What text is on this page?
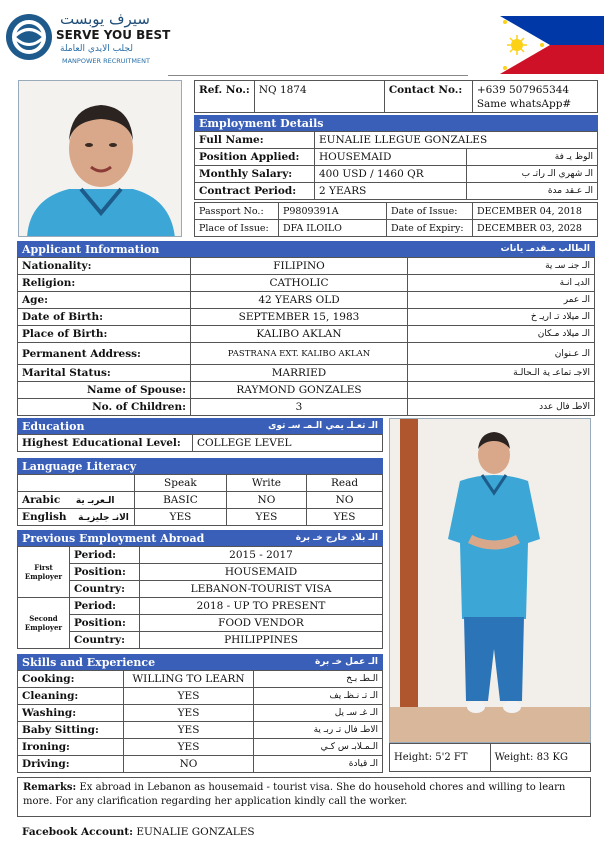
سيرف يوبست
SERVE YOU BEST
لجلب الايدي العاملة
MANPOWER RECRUITMENT
Ref. No.:	NQ 1874	Contact No.:	+639 507965344
Same whatsApp#
Employment Details
Full Name:	EUNALIE LLEGUE GONZALES	
Position Applied:	HOUSEMAID	الوظ يـ فة
Monthly Salary:	400 USD / 1460 QR	الـ شهري الـ راتـ ب
Contract Period:	2 YEARS	الـ عـقد مدة
Passport No.:	P9809391A	Date of Issue:	DECEMBER 04, 2018
Place of Issue:	DFA ILOILO	Date of Expiry:	DECEMBER 03, 2028
Applicant Information	الطالب مـقدمـ يانات
Nationality:	FILIPINO	الـ جنـ سـ ية
Religion:	CATHOLIC	الديـ انـة
Age:	42 YEARS OLD	الـ عمر
Date of Birth:	SEPTEMBER 15, 1983	الـ ميلاد تـ اريـ خ
Place of Birth:	KALIBO AKLAN	الـ ميلاد مـكان
Permanent Address:	PASTRANA EXT. KALIBO AKLAN	الـ عـنوان
Marital Status:	MARRIED	الاجـ تماعـ ية الـحالـة
Name of Spouse:	RAYMOND GONZALES	
No. of Children:	3	الاطـ فال عدد
Education	الـ تعـلـ يمي الـمـ سـ توى
Highest Educational Level:	COLLEGE LEVEL
Language Literacy
	Speak	Write	Read
Arabic الـعربـ ية	BASIC	NO	NO
English الانـ جليزيـة	YES	YES	YES
Previous Employment Abroad	الـ بلاد خارج خـ برة
First Employer	Period:	2015 - 2017
	Position:	HOUSEMAID
	Country:	LEBANON-TOURIST VISA
Second Employer	Period:	2018 - UP TO PRESENT
	Position:	FOOD VENDOR
	Country:	PHILIPPINES
Skills and Experience	الـ عمل خـ برة
Cooking:	WILLING TO LEARN	الـطـ بـخ
Cleaning:	YES	الـ تـ نـظـ يف
Washing:	YES	الـ غـ سـ يل
Baby Sitting:	YES	الاطـ فال تـ ربـ ية
Ironing:	YES	الـمـلابـ س كـي
Driving:	NO	الـ قيادة
Height: 5'2 FT	Weight: 83 KG
Remarks: Ex abroad in Lebanon as housemaid - tourist visa. She do household chores and willing to learn more. For any clarification regarding her application kindly call the worker.
Facebook Account: EUNALIE GONZALES
